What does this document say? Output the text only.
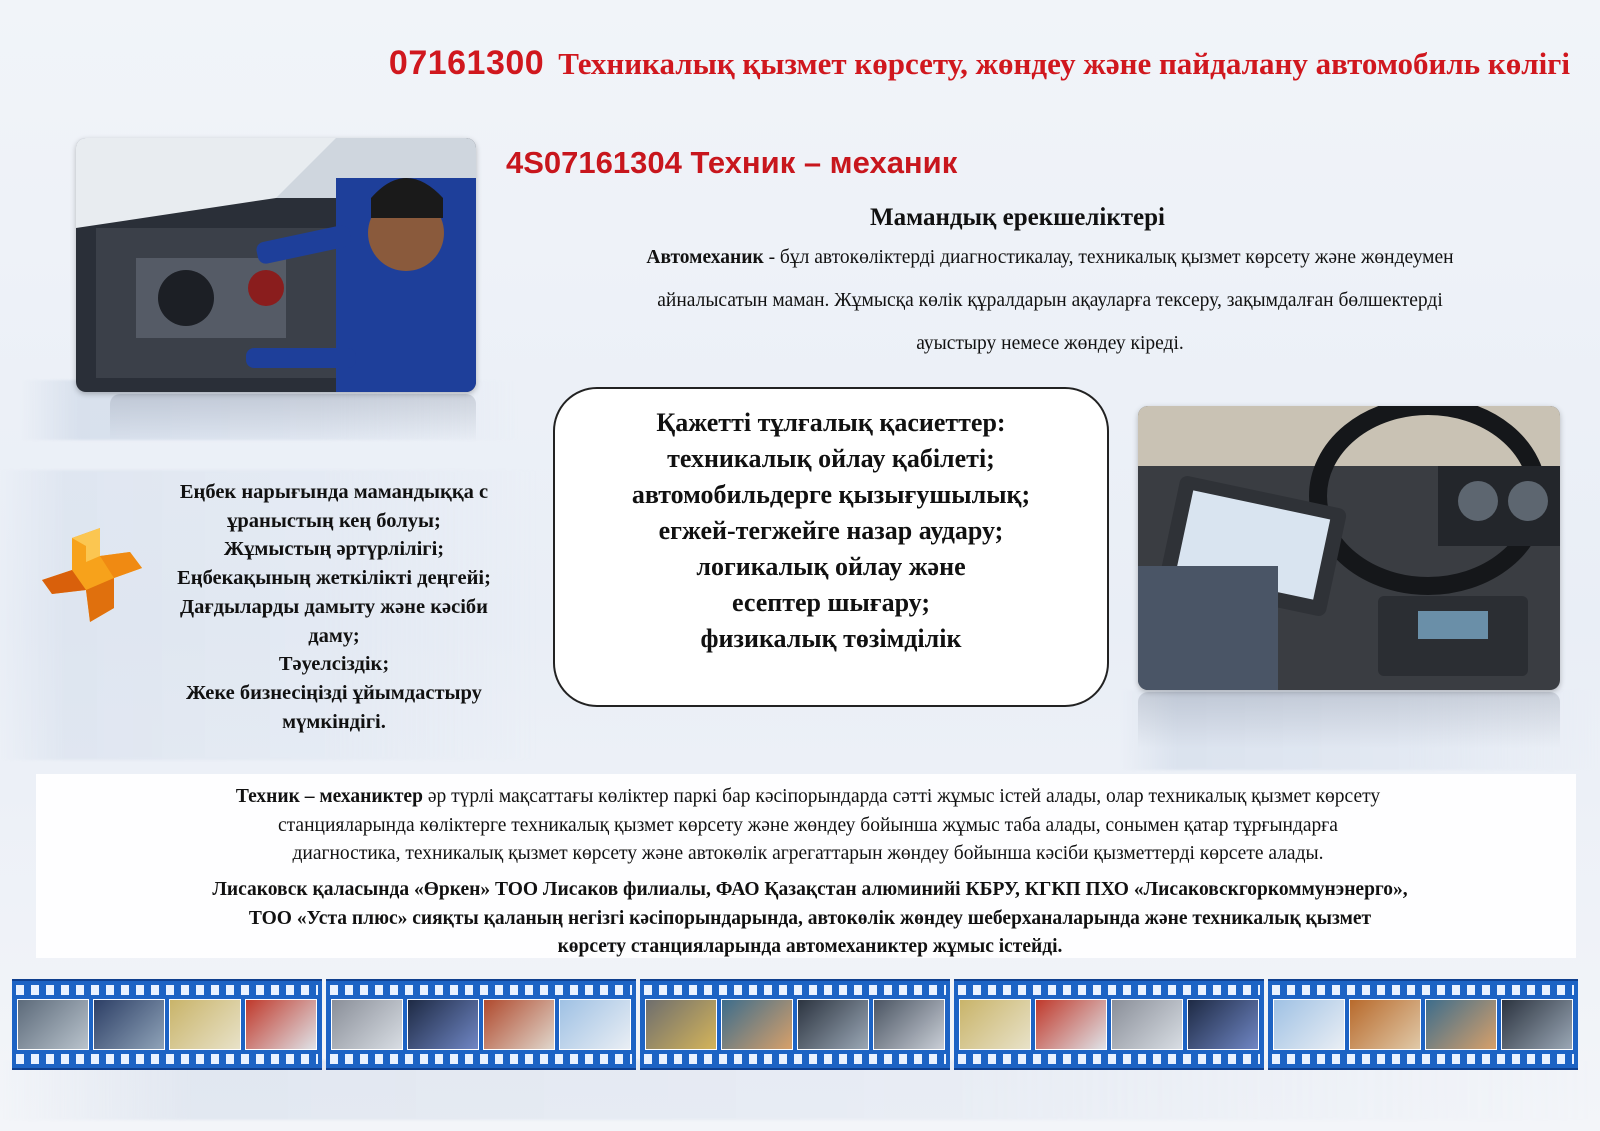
07161300 Техникалық қызмет көрсету, жөндеу және пайдалану автомобиль көлігі
4S07161304 Техник – механик
Мамандық ерекшеліктері
Автомеханик - бұл автокөліктерді диагностикалау, техникалық қызмет көрсету және жөндеумен
айналысатын маман. Жұмысқа көлік құралдарын ақауларға тексеру, зақымдалған бөлшектерді
ауыстыру немесе жөндеу кіреді.
Қажетті тұлғалық қасиеттер:
техникалық ойлау қабілеті;
автомобильдерге қызығушылық;
егжей-тегжейге назар аудару;
логикалық ойлау және
есептер шығару;
физикалық төзімділік
Еңбек нарығында мамандыққа с
ұраныстың кең болуы;
Жұмыстың әртүрлілігі;
Еңбекақының жеткілікті деңгейі;
Дағдыларды дамыту және кәсіби
даму;
Тәуелсіздік;
Жеке бизнесіңізді ұйымдастыру
мүмкіндігі.
Техник – механиктер әр түрлі мақсаттағы көліктер паркі бар кәсіпорындарда сәтті жұмыс істей алады, олар техникалық қызмет көрсету
станцияларында көліктерге техникалық қызмет көрсету және жөндеу бойынша жұмыс таба алады, сонымен қатар тұрғындарға
диагностика, техникалық қызмет көрсету және автокөлік агрегаттарын жөндеу бойынша кәсіби қызметтерді көрсете алады.
Лисаковск қаласында «Өркен» ТОО Лисаков филиалы, ФАО Қазақстан алюминийі КБРУ, КГКП ПХО «Лисаковскгоркоммунэнерго»,
ТОО «Уста плюс» сияқты қаланың негізгі кәсіпорындарында, автокөлік жөндеу шеберханаларында және техникалық қызмет
көрсету станцияларында автомеханиктер жұмыс істейді.
